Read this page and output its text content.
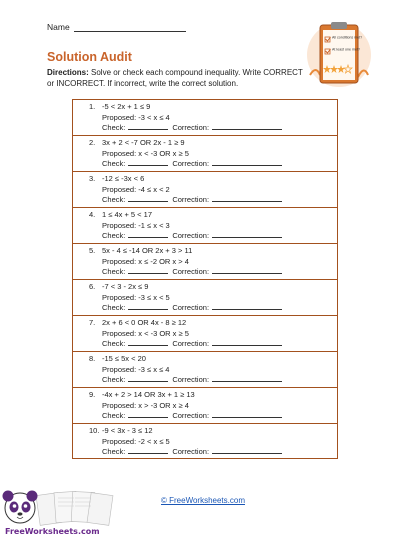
Name
Solution Audit
Directions: Solve or check each compound inequality. Write CORRECT or INCORRECT. If incorrect, write the correct solution.
All conditions met?
At least one met?
1. -5 < 2x + 1 ≤ 9
Proposed: -3 < x ≤ 4
Check:	Correction:
2. 3x + 2 < -7 OR 2x - 1 ≥ 9
Proposed: x < -3 OR x ≥ 5
Check:	Correction:
3. -12 ≤ -3x < 6
Proposed: -4 ≤ x < 2
Check:	Correction:
4. 1 ≤ 4x + 5 < 17
Proposed: -1 ≤ x < 3
Check:	Correction:
5. 5x - 4 ≤ -14 OR 2x + 3 > 11
Proposed: x ≤ -2 OR x > 4
Check:	Correction:
6. -7 < 3 - 2x ≤ 9
Proposed: -3 ≤ x < 5
Check:	Correction:
7. 2x + 6 < 0 OR 4x - 8 ≥ 12
Proposed: x < -3 OR x ≥ 5
Check:	Correction:
8. -15 ≤ 5x < 20
Proposed: -3 ≤ x ≤ 4
Check:	Correction:
9. -4x + 2 > 14 OR 3x + 1 ≥ 13
Proposed: x > -3 OR x ≥ 4
Check:	Correction:
10. -9 < 3x - 3 ≤ 12
Proposed: -2 < x ≤ 5
Check:	Correction:
© FreeWorksheets.com
FreeWorksheets.com
